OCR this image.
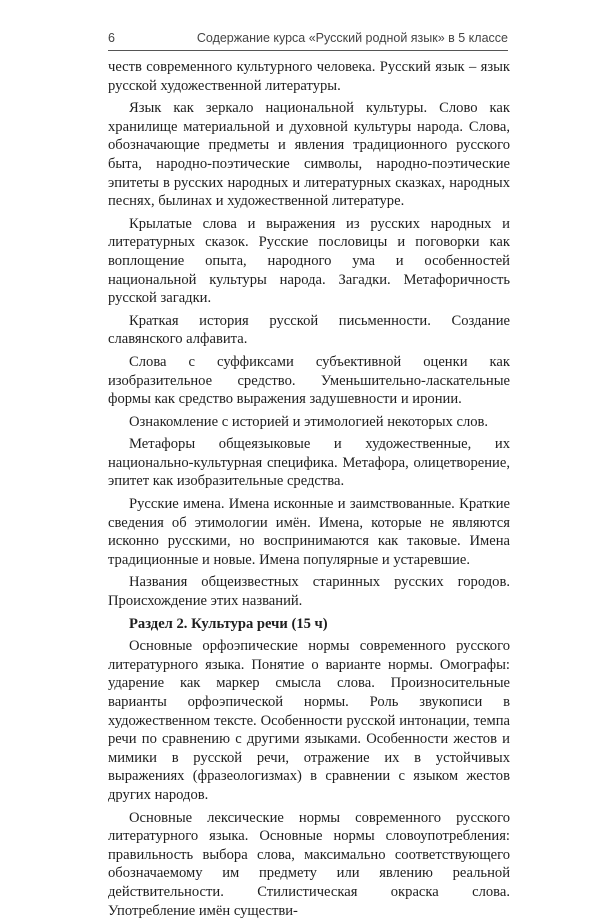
6	Содержание курса «Русский родной язык» в 5 классе

честв современного культурного человека. Русский язык – язык русской художественной литературы.

Язык как зеркало национальной культуры. Слово как хранилище материальной и духовной культуры народа. Слова, обозначающие предметы и явления традиционного русского быта, народно-поэтические символы, народно-поэтические эпитеты в русских народных и литературных сказках, народных песнях, былинах и художественной литературе.

Крылатые слова и выражения из русских народных и литературных сказок. Русские пословицы и поговорки как воплощение опыта, народного ума и особенностей национальной культуры народа. Загадки. Метафоричность русской загадки.

Краткая история русской письменности. Создание славянского алфавита.

Слова с суффиксами субъективной оценки как изобразительное средство. Уменьшительно-ласкательные формы как средство выражения задушевности и иронии.

Ознакомление с историей и этимологией некоторых слов.

Метафоры общеязыковые и художественные, их национально-культурная специфика. Метафора, олицетворение, эпитет как изобразительные средства.

Русские имена. Имена исконные и заимствованные. Краткие сведения об этимологии имён. Имена, которые не являются исконно русскими, но воспринимаются как таковые. Имена традиционные и новые. Имена популярные и устаревшие.

Названия общеизвестных старинных русских городов. Происхождение этих названий.

Раздел 2. Культура речи (15 ч)

Основные орфоэпические нормы современного русского литературного языка. Понятие о варианте нормы. Омографы: ударение как маркер смысла слова. Произносительные варианты орфоэпической нормы. Роль звукописи в художественном тексте. Особенности русской интонации, темпа речи по сравнению с другими языками. Особенности жестов и мимики в русской речи, отражение их в устойчивых выражениях (фразеологизмах) в сравнении с языком жестов других народов.

Основные лексические нормы современного русского литературного языка. Основные нормы словоупотребления: правильность выбора слова, максимально соответствующего обозначаемому им предмету или явлению реальной действительности. Стилистическая окраска слова. Употребление имён существи-
